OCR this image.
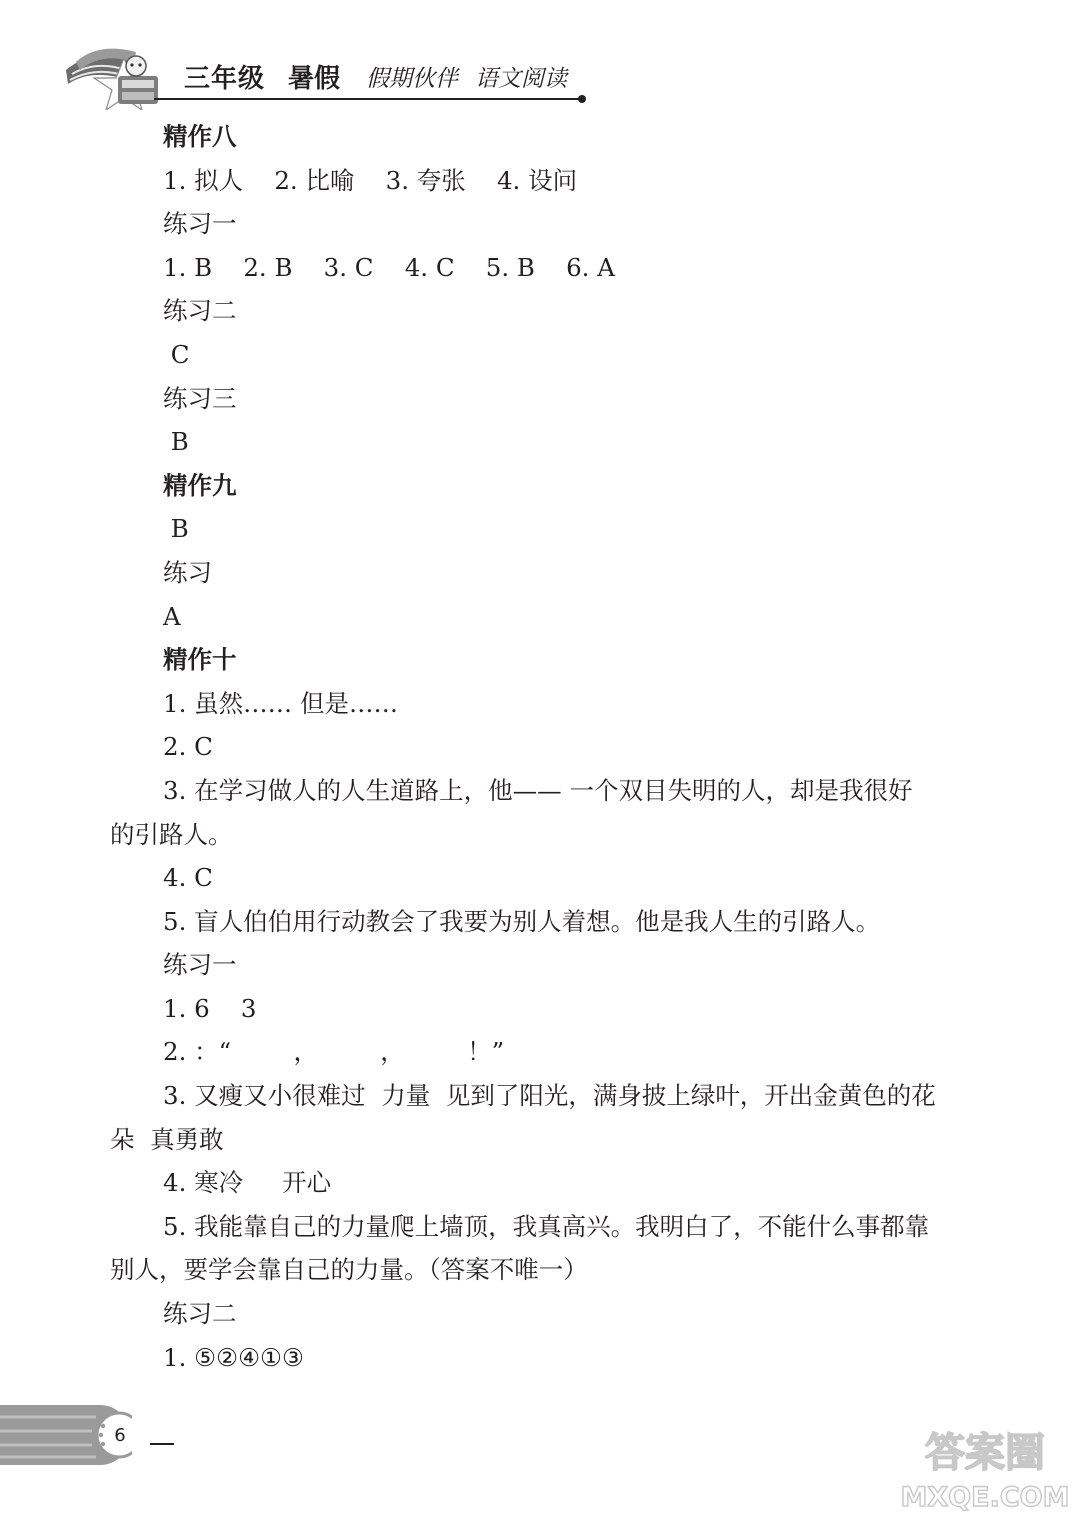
三年级 暑假 假期伙伴 语文阅读
精作八
1. 拟人    2. 比喻    3. 夸张    4. 设问
练习一
1. B    2. B    3. C    4. C    5. B    6. A
练习二
C
练习三
B
精作九
B
练习
A
精作十
1. 虽然…… 但是……
2. C
3. 在学习做人的人生道路上，他—— 一个双目失明的人，却是我很好
的引路人。
4. C
5. 盲人伯伯用行动教会了我要为别人着想。他是我人生的引路人。
练习一
1. 6    3
2. ：“        ，        ，        ！”
3. 又瘦又小很难过  力量  见到了阳光，满身披上绿叶，开出金黄色的花
朵  真勇敢
4. 寒冷     开心
5. 我能靠自己的力量爬上墙顶，我真高兴。我明白了，不能什么事都靠
别人，要学会靠自己的力量。（答案不唯一）
练习二
1. ⑤②④①③
6	答案圈
MXQE.COM
